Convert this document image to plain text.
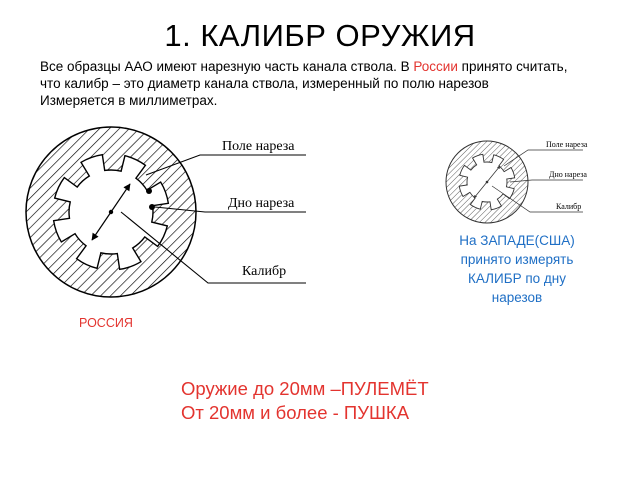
1. КАЛИБР ОРУЖИЯ
Все образцы ААО имеют нарезную часть канала ствола. В России принято считать,
что калибр – это диаметр канала ствола, измеренный по полю нарезов
Измеряется в миллиметрах.
Поле нареза
Дно нареза
Калибр
Поле нареза
Дно нареза
Калибр
РОССИЯ
На ЗАПАДЕ(США)
принято измерять
КАЛИБР по дну
нарезов
Оружие до 20мм –ПУЛЕМЁТ
От 20мм и более - ПУШКА
